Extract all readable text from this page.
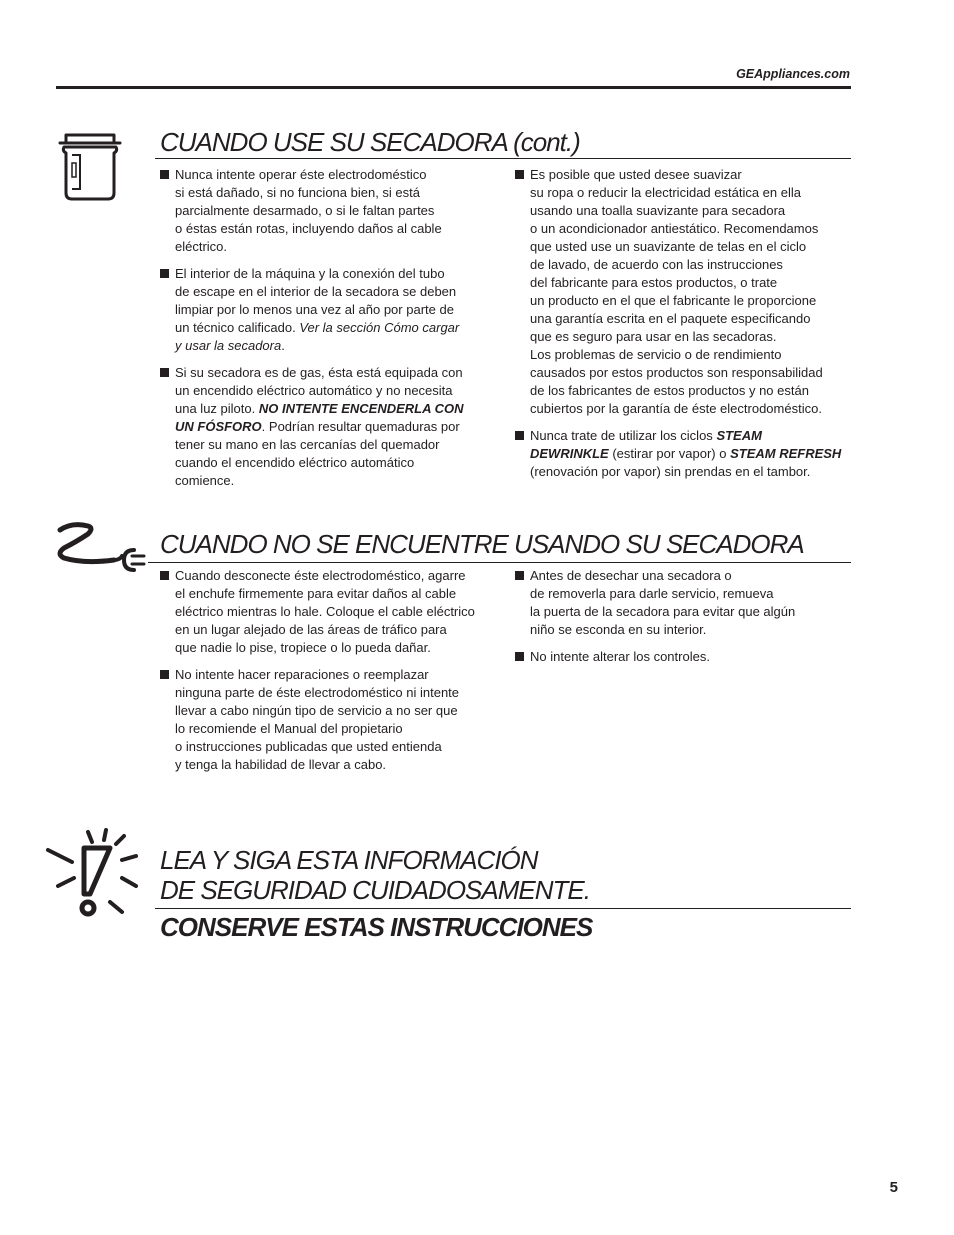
GEAppliances.com
CUANDO USE SU SECADORA (cont.)
Nunca intente operar éste electrodoméstico
si está dañado, si no funciona bien, si está
parcialmente desarmado, o si le faltan partes
o éstas están rotas, incluyendo daños al cable
eléctrico.
El interior de la máquina y la conexión del tubo
de escape en el interior de la secadora se deben
limpiar por lo menos una vez al año por parte de
un técnico calificado. Ver la sección Cómo cargar
y usar la secadora.
Si su secadora es de gas, ésta está equipada con
un encendido eléctrico automático y no necesita
una luz piloto. NO INTENTE ENCENDERLA CON
UN FÓSFORO. Podrían resultar quemaduras por
tener su mano en las cercanías del quemador
cuando el encendido eléctrico automático
comience.
Es posible que usted desee suavizar
su ropa o reducir la electricidad estática en ella
usando una toalla suavizante para secadora
o un acondicionador antiestático. Recomendamos
que usted use un suavizante de telas en el ciclo
de lavado, de acuerdo con las instrucciones
del fabricante para estos productos, o trate
un producto en el que el fabricante le proporcione
una garantía escrita en el paquete especificando
que es seguro para usar en las secadoras.
Los problemas de servicio o de rendimiento
causados por estos productos son responsabilidad
de los fabricantes de estos productos y no están
cubiertos por la garantía de éste electrodoméstico.
Nunca trate de utilizar los ciclos STEAM
DEWRINKLE (estirar por vapor) o STEAM REFRESH
(renovación por vapor) sin prendas en el tambor.
CUANDO NO SE ENCUENTRE USANDO SU SECADORA
Cuando desconecte éste electrodoméstico, agarre
el enchufe firmemente para evitar daños al cable
eléctrico mientras lo hale. Coloque el cable eléctrico
en un lugar alejado de las áreas de tráfico para
que nadie lo pise, tropiece o lo pueda dañar.
No intente hacer reparaciones o reemplazar
ninguna parte de éste electrodoméstico ni intente
llevar a cabo ningún tipo de servicio a no ser que
lo recomiende el Manual del propietario
o instrucciones publicadas que usted entienda
y tenga la habilidad de llevar a cabo.
Antes de desechar una secadora o
de removerla para darle servicio, remueva
la puerta de la secadora para evitar que algún
niño se esconda en su interior.
No intente alterar los controles.
LEA Y SIGA ESTA INFORMACIÓN
DE SEGURIDAD CUIDADOSAMENTE.
CONSERVE ESTAS INSTRUCCIONES
5
